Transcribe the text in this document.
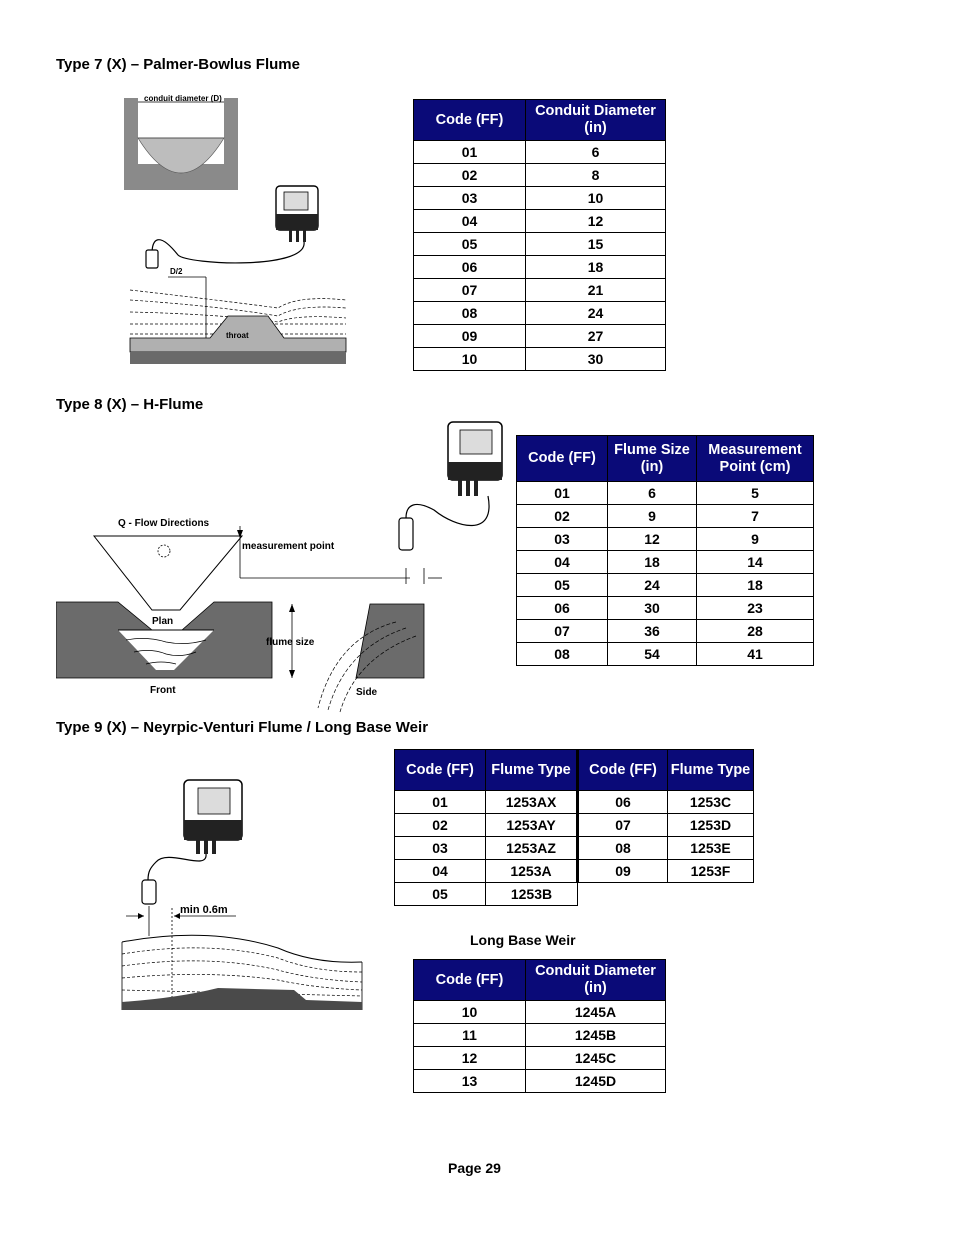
Type 7 (X) – Palmer-Bowlus Flume
conduit diameter (D)
D/2
throat
Code (FF)	Conduit Diameter (in)
01	6
02	8
03	10
04	12
05	15
06	18
07	21
08	24
09	27
10	30
Type 8 (X) – H-Flume
Q - Flow Directions
measurement point
Plan
Front
flume size
Side
Code (FF)	Flume Size (in)	Measurement Point (cm)
01	6	5
02	9	7
03	12	9
04	18	14
05	24	18
06	30	23
07	36	28
08	54	41
Type 9 (X) – Neyrpic-Venturi Flume / Long Base Weir
min 0.6m
Code (FF)	Flume Type	Code (FF)	Flume Type
01	1253AX	06	1253C
02	1253AY	07	1253D
03	1253AZ	08	1253E
04	1253A	09	1253F
05	1253B		
Long Base Weir
Code (FF)	Conduit Diameter (in)
10	1245A
11	1245B
12	1245C
13	1245D
Page 29
